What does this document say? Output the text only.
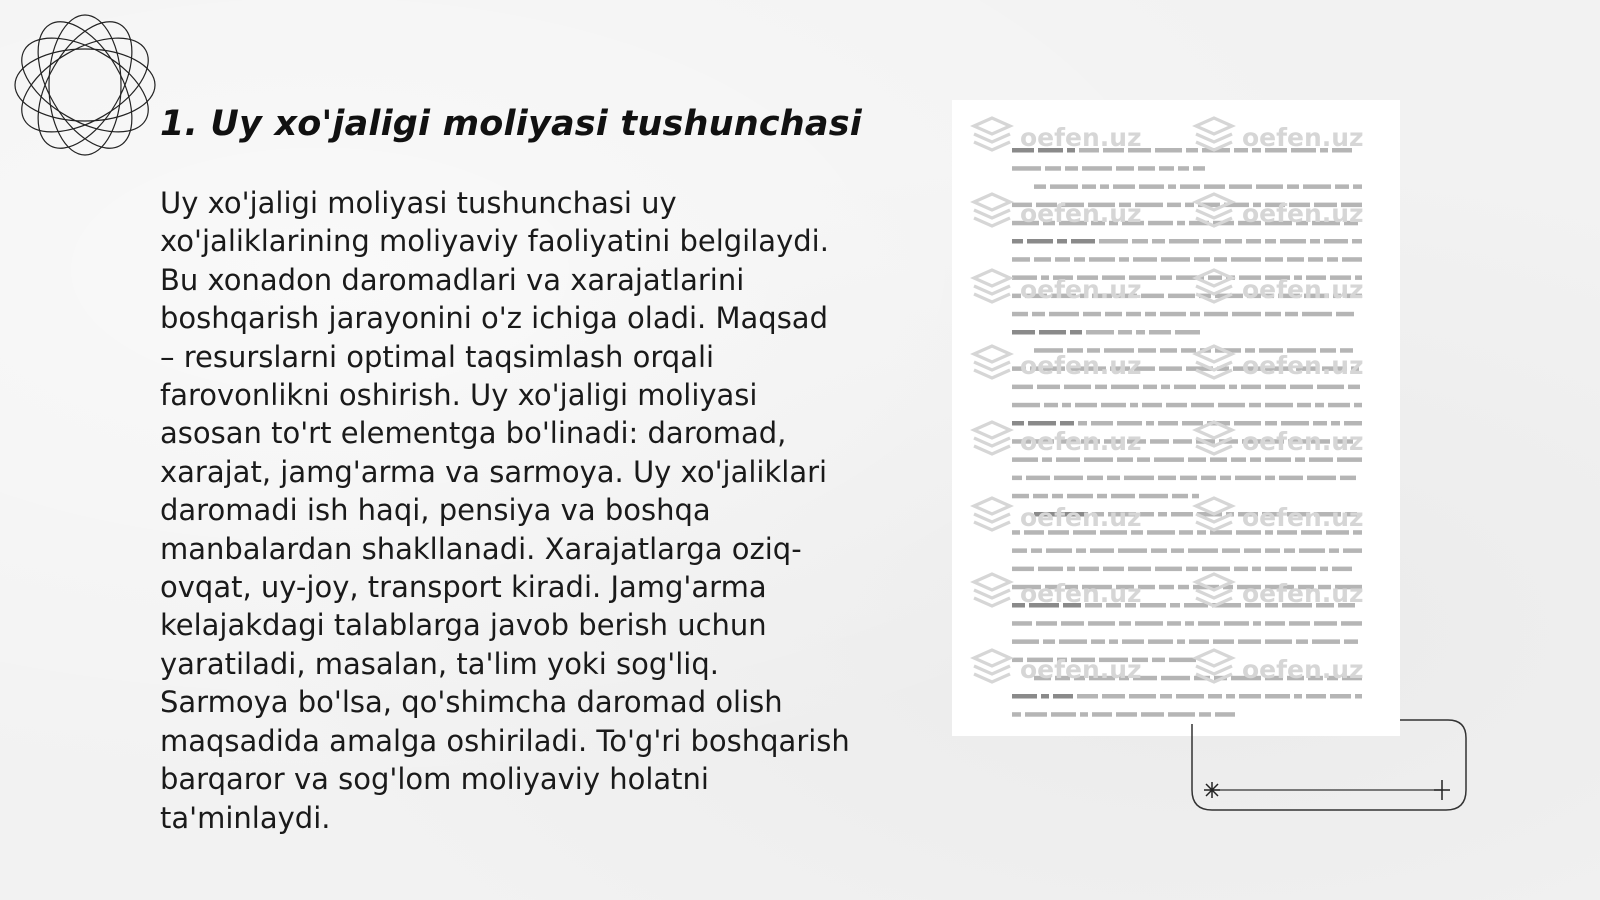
1. Uy xo'jaligi moliyasi tushunchasi

Uy xo'jaligi moliyasi tushunchasi uy xo'jaliklarining moliyaviy faoliyatini belgilaydi. Bu xonadon daromadlari va xarajatlarini boshqarish jarayonini o'z ichiga oladi. Maqsad – resurslarni optimal taqsimlash orqali farovonlikni oshirish. Uy xo'jaligi moliyasi asosan to'rt elementga bo'linadi: daromad, xarajat, jamg'arma va sarmoya. Uy xo'jaliklari daromadi ish haqi, pensiya va boshqa manbalardan shakllanadi. Xarajatlarga oziq-ovqat, uy-joy, transport kiradi. Jamg'arma kelajakdagi talablarga javob berish uchun yaratiladi, masalan, ta'lim yoki sog'liq. Sarmoya bo'lsa, qo'shimcha daromad olish maqsadida amalga oshiriladi. To'g'ri boshqarish barqaror va sog'lom moliyaviy holatni ta'minlaydi.

oefen.uz	oefen.uz
oefen.uz	oefen.uz
oefen.uz	oefen.uz
oefen.uz	oefen.uz
oefen.uz	oefen.uz
oefen.uz	oefen.uz
oefen.uz	oefen.uz
oefen.uz	oefen.uz
